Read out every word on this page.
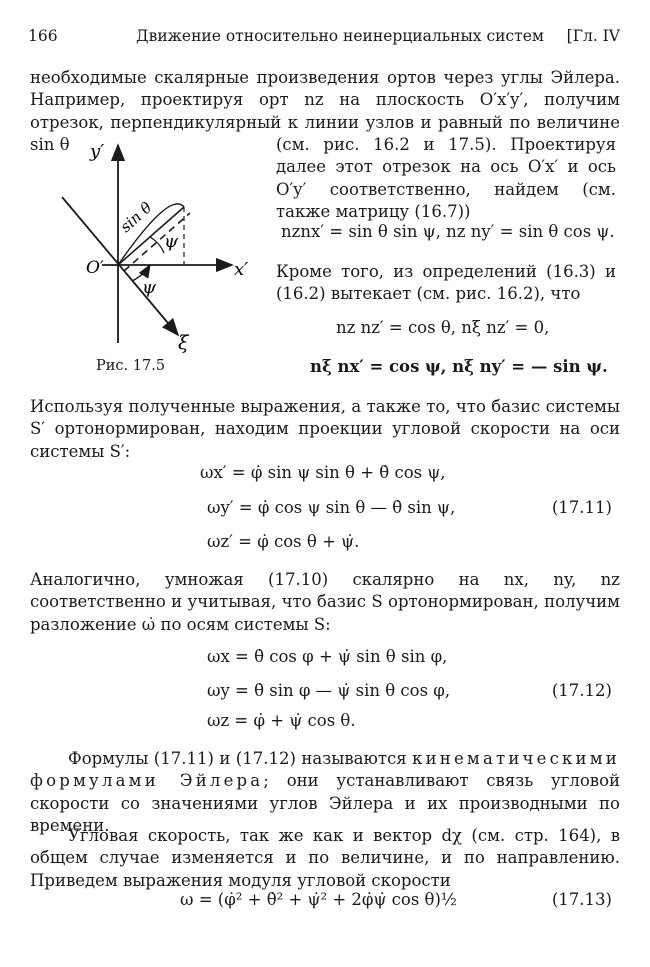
166	Движение относительно неинерциальных систем [Гл. IV

необходимые скалярные произведения ортов через углы Эйлера. Например, проектируя орт nz на плоскость O′x′y′, получим отрезок, перпендикулярный к линии узлов и равный по величине sin θ	(см. рис. 16.2 и 17.5). Проектируя далее этот отрезок на ось O′x′ и ось O′y′ соответственно, найдем (см. также матрицу (16.7))

y′
x′
O′
ξ
ψ
ψ
sin θ
Рис. 17.5
nznx′ = sin θ sin ψ, nz ny′ = sin θ cos ψ.

Кроме того, из определений (16.3) и (16.2) вытекает (см. рис. 16.2), что

nz nz′ = cos θ, nξ nz′ = 0,
nξ nx′ = cos ψ, nξ ny′ = — sin ψ.

Используя полученные выражения, а также то, что базис системы S′ ортонормирован, находим проекции угловой скорости на оси системы S′:

ωx′ = φ̇ sin ψ sin θ + θ̇ cos ψ,
ωy′ = φ̇ cos ψ sin θ — θ̇ sin ψ,
ωz′ = φ̇ cos θ + ψ̇.
(17.11)

Аналогично, умножая (17.10) скалярно на nx, ny, nz соответственно и учитывая, что базис S ортонормирован, получим разложение ω̇ по осям системы S:

ωx = θ̇ cos φ + ψ̇ sin θ sin φ,
ωy = θ̇ sin φ — ψ̇ sin θ cos φ,
ωz = φ̇ + ψ̇ cos θ.
(17.12)

Формулы (17.11) и (17.12) называются кинематическими формулами Эйлера; они устанавливают связь угловой скорости со значениями углов Эйлера и их производными по времени.

Угловая скорость, так же как и вектор dχ (см. стр. 164), в общем случае изменяется и по величине, и по направлению. Приведем выражения модуля угловой скорости

ω = (φ̇² + θ̇² + ψ̇² + 2φ̇ψ̇ cos θ)½	(17.13)
